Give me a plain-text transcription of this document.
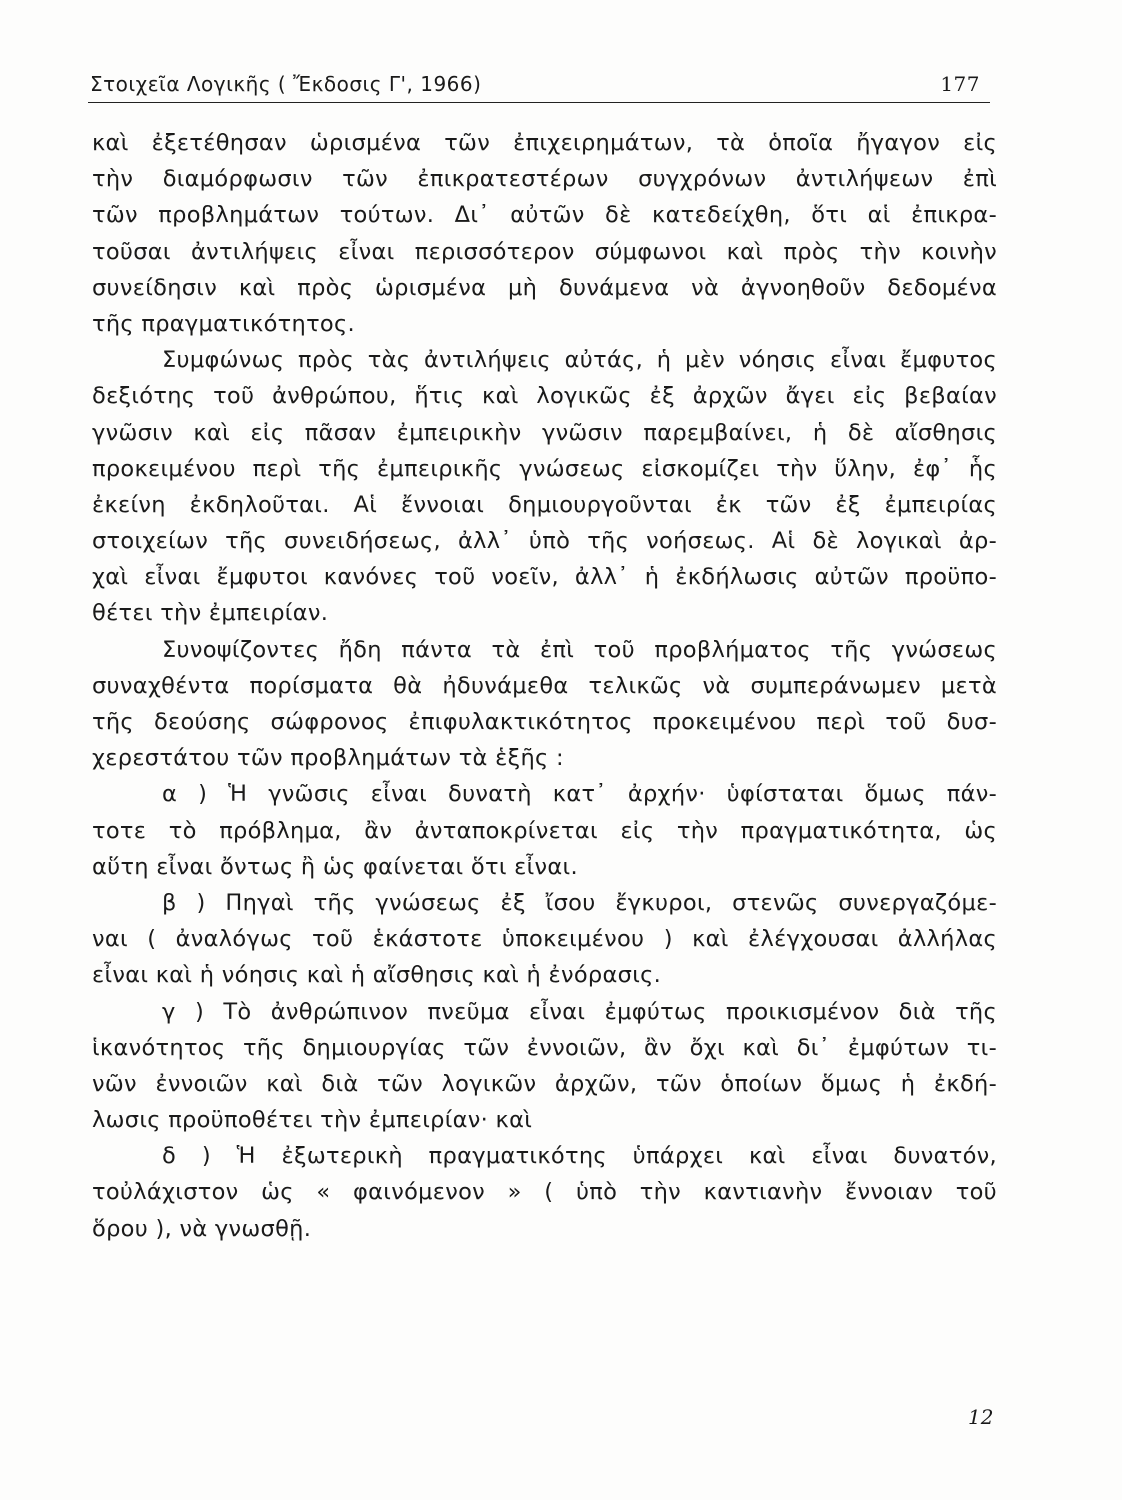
Στοιχεῖα Λογικῆς ( Ἔκδοσις Γ', 1966)	177
καὶ ἐξετέθησαν ὡρισμένα τῶν ἐπιχειρημάτων, τὰ ὁποῖα ἤγαγον εἰς
τὴν διαμόρφωσιν τῶν ἐπικρατεστέρων συγχρόνων ἀντιλήψεων ἐπὶ
τῶν προβλημάτων τούτων. Δι᾿ αὐτῶν δὲ κατεδείχθη, ὅτι αἱ ἐπικρα-
τοῦσαι ἀντιλήψεις εἶναι περισσότερον σύμφωνοι καὶ πρὸς τὴν κοινὴν
συνείδησιν καὶ πρὸς ὡρισμένα μὴ δυνάμενα νὰ ἀγνοηθοῦν δεδομένα
τῆς πραγματικότητος.
Συμφώνως πρὸς τὰς ἀντιλήψεις αὐτάς, ἡ μὲν νόησις εἶναι ἔμφυτος
δεξιότης τοῦ ἀνθρώπου, ἥτις καὶ λογικῶς ἐξ ἀρχῶν ἄγει εἰς βεβαίαν
γνῶσιν καὶ εἰς πᾶσαν ἐμπειρικὴν γνῶσιν παρεμβαίνει, ἡ δὲ αἴσθησις
προκειμένου περὶ τῆς ἐμπειρικῆς γνώσεως εἰσκομίζει τὴν ὕλην, ἐφ᾿ ἧς
ἐκείνη ἐκδηλοῦται. Αἱ ἔννοιαι δημιουργοῦνται ἐκ τῶν ἐξ ἐμπειρίας
στοιχείων τῆς συνειδήσεως, ἀλλ᾿ ὑπὸ τῆς νοήσεως. Αἱ δὲ λογικαὶ ἀρ-
χαὶ εἶναι ἔμφυτοι κανόνες τοῦ νοεῖν, ἀλλ᾿ ἡ ἐκδήλωσις αὐτῶν προϋπο-
θέτει τὴν ἐμπειρίαν.
Συνοψίζοντες ἤδη πάντα τὰ ἐπὶ τοῦ προβλήματος τῆς γνώσεως
συναχθέντα πορίσματα θὰ ἠδυνάμεθα τελικῶς νὰ συμπεράνωμεν μετὰ
τῆς δεούσης σώφρονος ἐπιφυλακτικότητος προκειμένου περὶ τοῦ δυσ-
χερεστάτου τῶν προβλημάτων τὰ ἑξῆς :
α ) Ἡ γνῶσις εἶναι δυνατὴ κατ᾿ ἀρχήν· ὑφίσταται ὅμως πάν-
τοτε τὸ πρόβλημα, ἂν ἀνταποκρίνεται εἰς τὴν πραγματικότητα, ὡς
αὕτη εἶναι ὄντως ἢ ὡς φαίνεται ὅτι εἶναι.
β ) Πηγαὶ τῆς γνώσεως ἐξ ἴσου ἔγκυροι, στενῶς συνεργαζόμε-
ναι ( ἀναλόγως τοῦ ἑκάστοτε ὑποκειμένου ) καὶ ἐλέγχουσαι ἀλλήλας
εἶναι καὶ ἡ νόησις καὶ ἡ αἴσθησις καὶ ἡ ἐνόρασις.
γ ) Τὸ ἀνθρώπινον πνεῦμα εἶναι ἐμφύτως προικισμένον διὰ τῆς
ἱκανότητος τῆς δημιουργίας τῶν ἐννοιῶν, ἂν ὄχι καὶ δι᾿ ἐμφύτων τι-
νῶν ἐννοιῶν καὶ διὰ τῶν λογικῶν ἀρχῶν, τῶν ὁποίων ὅμως ἡ ἐκδή-
λωσις προϋποθέτει τὴν ἐμπειρίαν· καὶ
δ ) Ἡ ἐξωτερικὴ πραγματικότης ὑπάρχει καὶ εἶναι δυνατόν,
τοὐλάχιστον ὡς « φαινόμενον » ( ὑπὸ τὴν καντιανὴν ἔννοιαν τοῦ
ὅρου ), νὰ γνωσθῇ.
12
